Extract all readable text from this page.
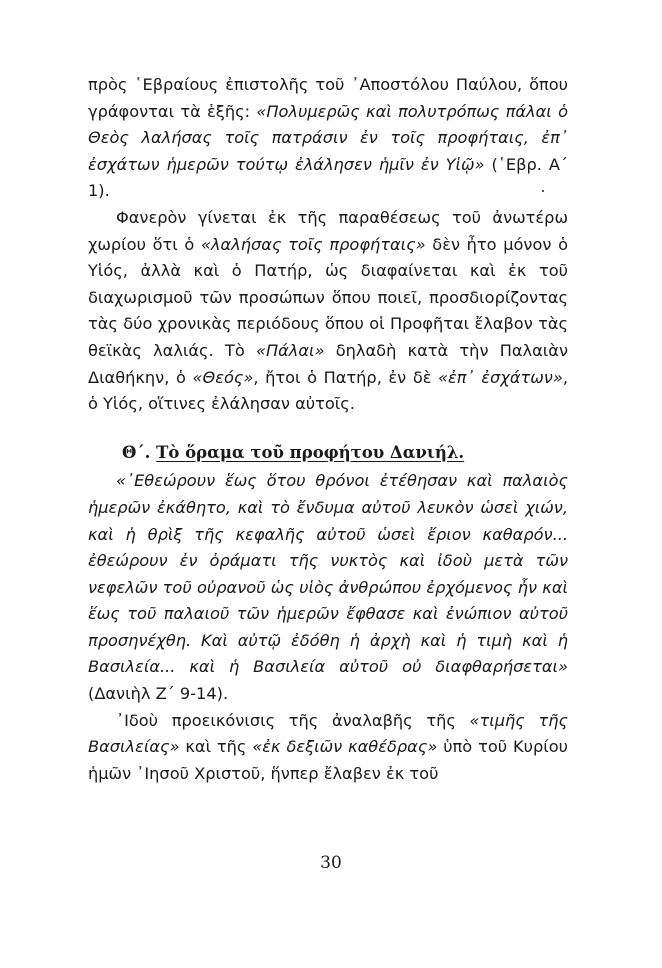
πρὸς ῾Εβραίους ἐπιστολῆς τοῦ ᾿Αποστόλου Παύλου, ὅπου γράφονται τὰ ἑξῆς: «Πολυμερῶς καὶ πολυτρόπως πάλαι ὁ Θεὸς λαλήσας τοῖς πατράσιν ἐν τοῖς προφήταις, ἐπ᾿ ἐσχάτων ἡμερῶν τούτῳ ἐλάλησεν ἡμῖν ἐν Υἱῷ» (῾Εβρ. Α΄ 1).

Φανερὸν γίνεται ἐκ τῆς παραθέσεως τοῦ ἀνωτέρω χωρίου ὅτι ὁ «λαλήσας τοῖς προφήταις» δὲν ἦτο μόνον ὁ Υἱός, ἀλλὰ καὶ ὁ Πατήρ, ὡς διαφαίνεται καὶ ἐκ τοῦ διαχωρισμοῦ τῶν προσώπων ὅπου ποιεῖ, προσδιορίζοντας τὰς δύο χρονικὰς περιόδους ὅπου οἱ Προφῆται ἔλαβον τὰς θεϊκὰς λαλιάς. Τὸ «Πάλαι» δηλαδὴ κατὰ τὴν Παλαιὰν Διαθήκην, ὁ «Θεός», ἤτοι ὁ Πατήρ, ἐν δὲ «ἐπ᾿ ἐσχάτων», ὁ Υἱός, οἵτινες ἐλάλησαν αὐτοῖς.

Θ΄. Τὸ ὅραμα τοῦ προφήτου Δανιήλ.

«᾿Εθεώρουν ἕως ὅτου θρόνοι ἐτέθησαν καὶ παλαιὸς ἡμερῶν ἐκάθητο, καὶ τὸ ἔνδυμα αὐτοῦ λευκὸν ὡσεὶ χιών, καὶ ἡ θρὶξ τῆς κεφαλῆς αὐτοῦ ὡσεὶ ἔριον καθαρόν... ἐθεώρουν ἐν ὁράματι τῆς νυκτὸς καὶ ἰδοὺ μετὰ τῶν νεφελῶν τοῦ οὐρανοῦ ὡς υἱὸς ἀνθρώπου ἐρχόμενος ἦν καὶ ἕως τοῦ παλαιοῦ τῶν ἡμερῶν ἔφθασε καὶ ἐνώπιον αὐτοῦ προσηνέχθη. Καὶ αὐτῷ ἐδόθη ἡ ἀρχὴ καὶ ἡ τιμὴ καὶ ἡ Βασιλεία... καὶ ἡ Βασιλεία αὐτοῦ οὐ διαφθαρήσεται» (Δανιὴλ Ζ΄ 9-14).

᾿Ιδοὺ προεικόνισις τῆς ἀναλαβῆς τῆς «τιμῆς τῆς Βασιλείας» καὶ τῆς «ἐκ δεξιῶν καθέδρας» ὑπὸ τοῦ Κυρίου ἡμῶν ᾿Ιησοῦ Χριστοῦ, ἥνπερ ἔλαβεν ἐκ τοῦ

30
